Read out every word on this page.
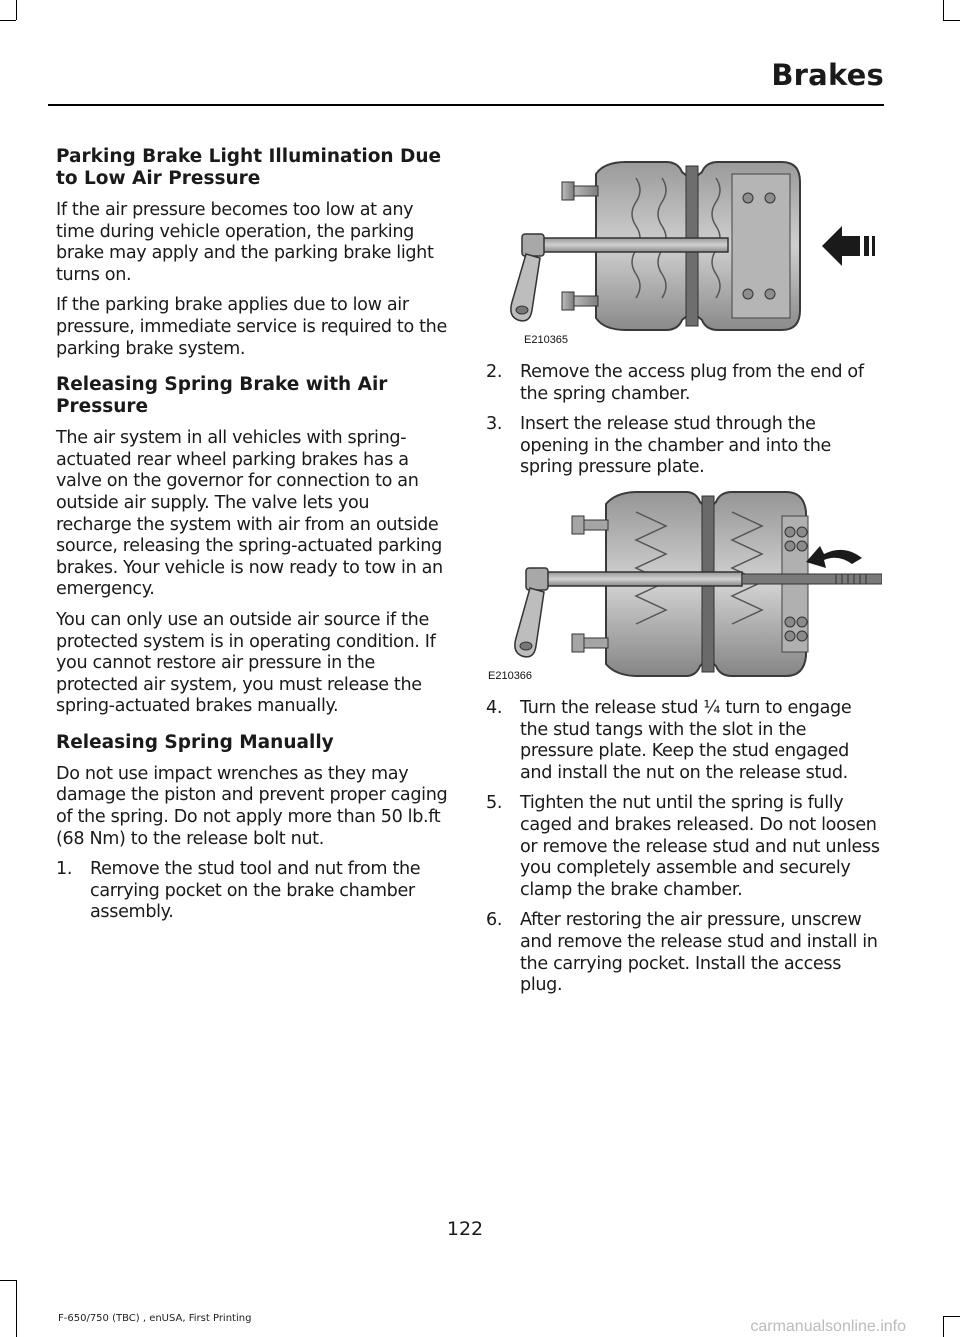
Brakes
Parking Brake Light Illumination Due to Low Air Pressure

If the air pressure becomes too low at any time during vehicle operation, the parking brake may apply and the parking brake light turns on.

If the parking brake applies due to low air pressure, immediate service is required to the parking brake system.

Releasing Spring Brake with Air Pressure

The air system in all vehicles with spring-actuated rear wheel parking brakes has a valve on the governor for connection to an outside air supply. The valve lets you recharge the system with air from an outside source, releasing the spring-actuated parking brakes. Your vehicle is now ready to tow in an emergency.

You can only use an outside air source if the protected system is in operating condition. If you cannot restore air pressure in the protected air system, you must release the spring-actuated brakes manually.

Releasing Spring Manually

Do not use impact wrenches as they may damage the piston and prevent proper caging of the spring. Do not apply more than 50 lb.ft (68 Nm) to the release bolt nut.

1. Remove the stud tool and nut from the carrying pocket on the brake chamber assembly.
E210365
2. Remove the access plug from the end of the spring chamber.
3. Insert the release stud through the opening in the chamber and into the spring pressure plate.
E210366
4. Turn the release stud ¼ turn to engage the stud tangs with the slot in the pressure plate. Keep the stud engaged and install the nut on the release stud.
5. Tighten the nut until the spring is fully caged and brakes released. Do not loosen or remove the release stud and nut unless you completely assemble and securely clamp the brake chamber.
6. After restoring the air pressure, unscrew and remove the release stud and install in the carrying pocket. Install the access plug.
122
F-650/750 (TBC) , enUSA, First Printing	carmanualsonline.info
